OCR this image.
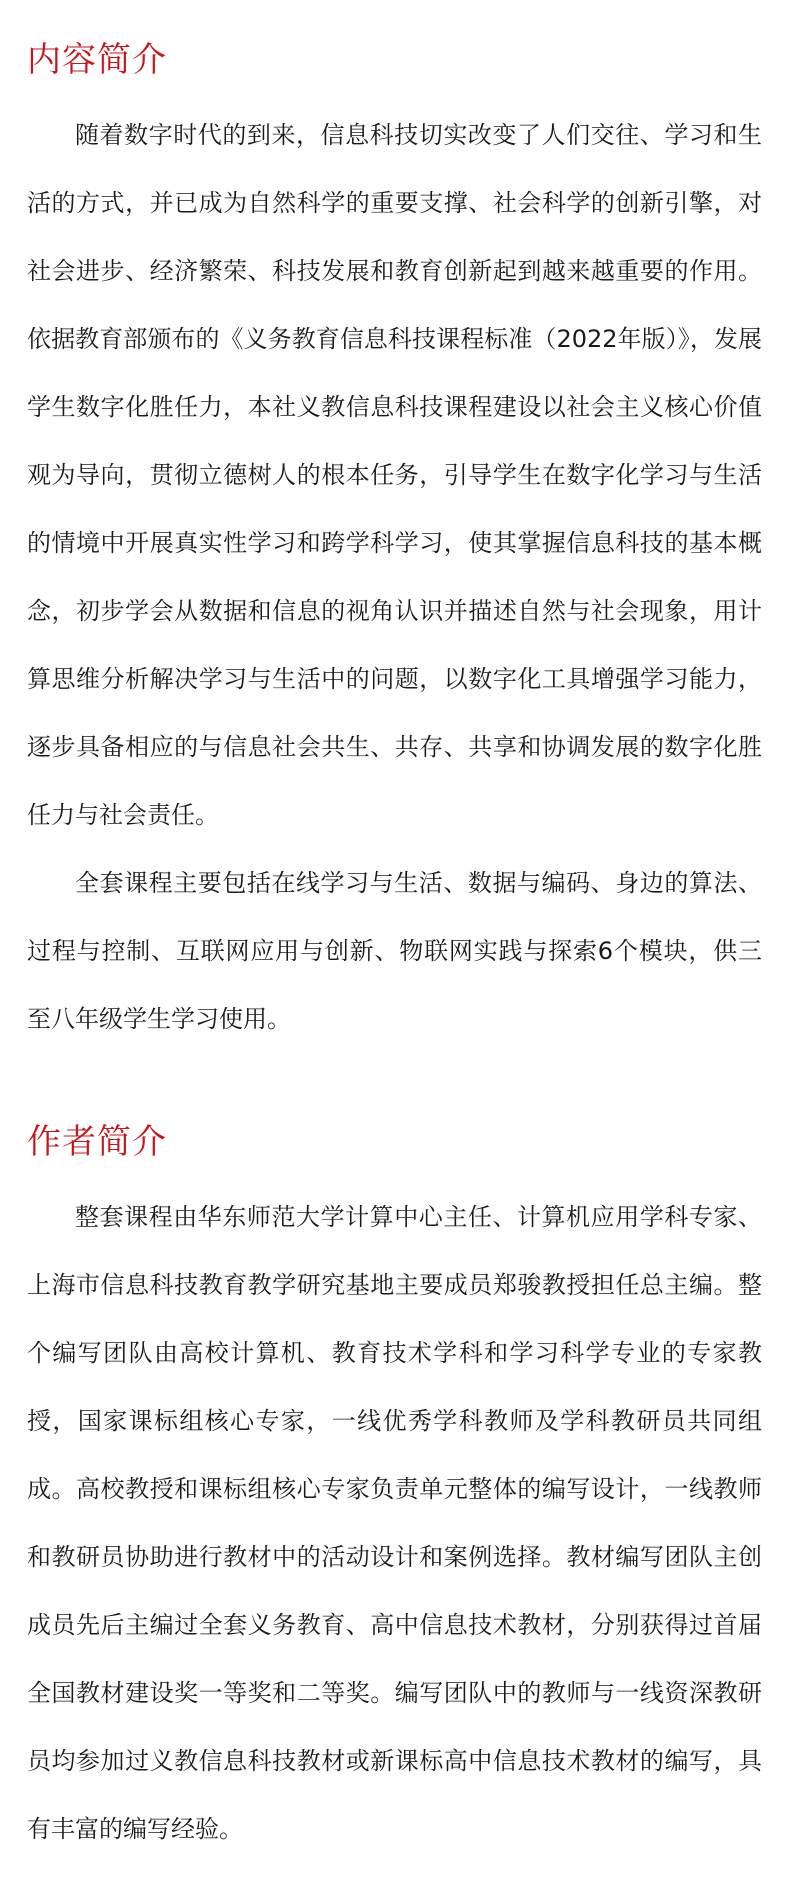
内容简介

随着数字时代的到来，信息科技切实改变了人们交往、学习和生活的方式，并已成为自然科学的重要支撑、社会科学的创新引擎，对社会进步、经济繁荣、科技发展和教育创新起到越来越重要的作用。依据教育部颁布的《义务教育信息科技课程标准（2022年版）》，发展学生数字化胜任力，本社义教信息科技课程建设以社会主义核心价值观为导向，贯彻立德树人的根本任务，引导学生在数字化学习与生活的情境中开展真实性学习和跨学科学习，使其掌握信息科技的基本概念，初步学会从数据和信息的视角认识并描述自然与社会现象，用计算思维分析解决学习与生活中的问题，以数字化工具增强学习能力，逐步具备相应的与信息社会共生、共存、共享和协调发展的数字化胜任力与社会责任。

全套课程主要包括在线学习与生活、数据与编码、身边的算法、过程与控制、互联网应用与创新、物联网实践与探索6个模块，供三至八年级学生学习使用。

作者简介

整套课程由华东师范大学计算中心主任、计算机应用学科专家、上海市信息科技教育教学研究基地主要成员郑骏教授担任总主编。整个编写团队由高校计算机、教育技术学科和学习科学专业的专家教授，国家课标组核心专家，一线优秀学科教师及学科教研员共同组成。高校教授和课标组核心专家负责单元整体的编写设计，一线教师和教研员协助进行教材中的活动设计和案例选择。教材编写团队主创成员先后主编过全套义务教育、高中信息技术教材，分别获得过首届全国教材建设奖一等奖和二等奖。编写团队中的教师与一线资深教研员均参加过义教信息科技教材或新课标高中信息技术教材的编写，具有丰富的编写经验。
